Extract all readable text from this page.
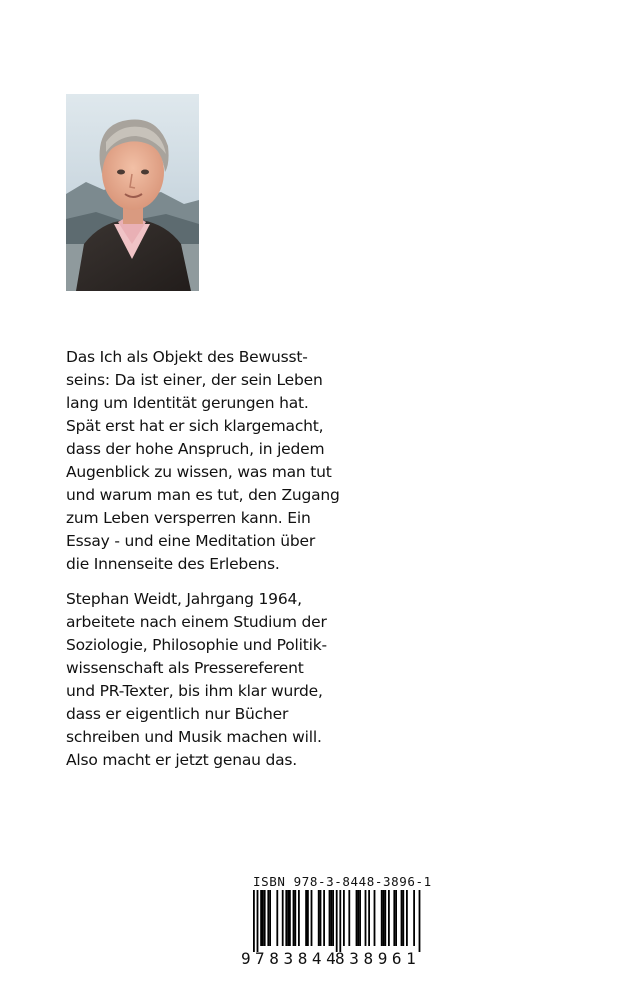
Das Ich als Objekt des Bewusst-
seins: Da ist einer, der sein Leben
lang um Identität gerungen hat.
Spät erst hat er sich klargemacht,
dass der hohe Anspruch, in jedem
Augenblick zu wissen, was man tut
und warum man es tut, den Zugang
zum Leben versperren kann. Ein
Essay - und eine Meditation über
die Innenseite des Erlebens.
Stephan Weidt, Jahrgang 1964,
arbeitete nach einem Studium der
Soziologie, Philosophie und Politik-
wissenschaft als Pressereferent
und PR-Texter, bis ihm klar wurde,
dass er eigentlich nur Bücher
schreiben und Musik machen will.
Also macht er jetzt genau das.
ISBN 978-3-8448-3896-1
9 783844
838961
